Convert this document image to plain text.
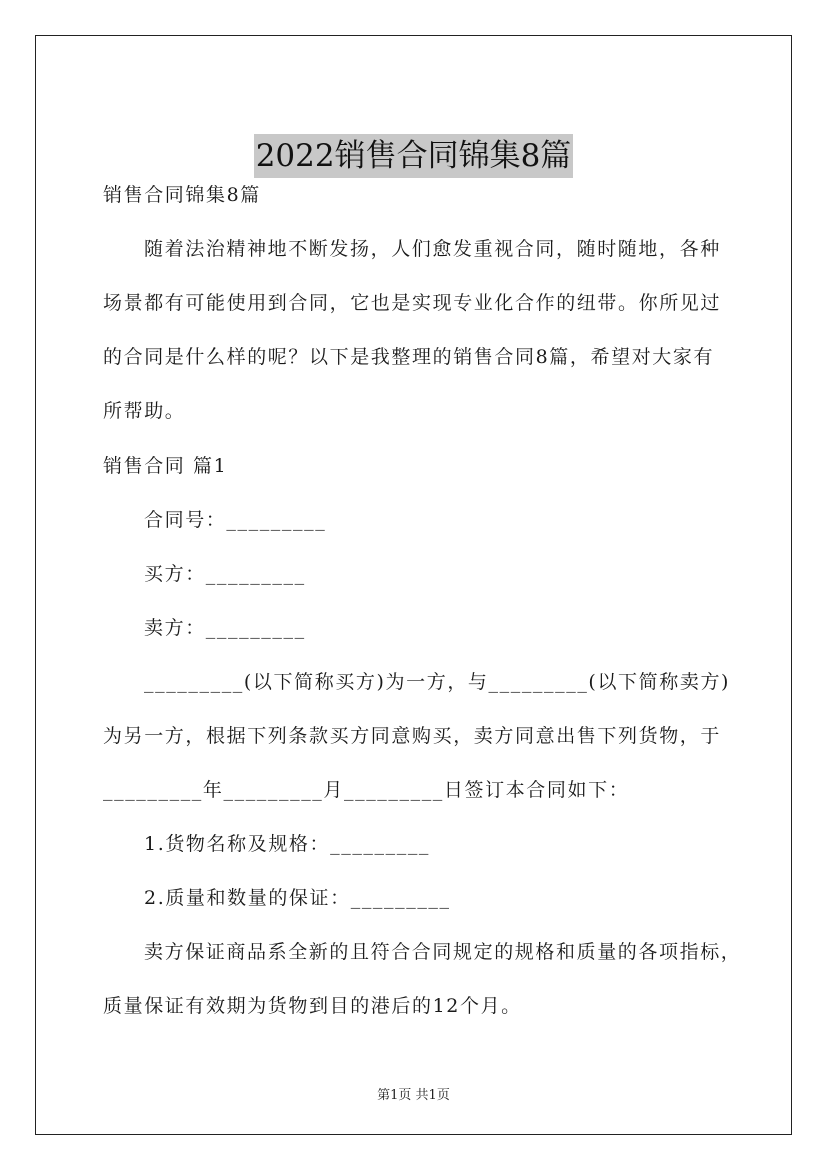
2022销售合同锦集8篇
销售合同锦集8篇
随着法治精神地不断发扬，人们愈发重视合同，随时随地，各种
场景都有可能使用到合同，它也是实现专业化合作的纽带。你所见过
的合同是什么样的呢？以下是我整理的销售合同8篇，希望对大家有
所帮助。
销售合同 篇1
合同号：_________
买方：_________
卖方：_________
_________(以下简称买方)为一方，与_________(以下简称卖方)
为另一方，根据下列条款买方同意购买，卖方同意出售下列货物，于
_________年_________月_________日签订本合同如下：
1.货物名称及规格：_________
2.质量和数量的保证：_________
卖方保证商品系全新的且符合合同规定的规格和质量的各项指标，
质量保证有效期为货物到目的港后的12个月。
第1页 共1页
